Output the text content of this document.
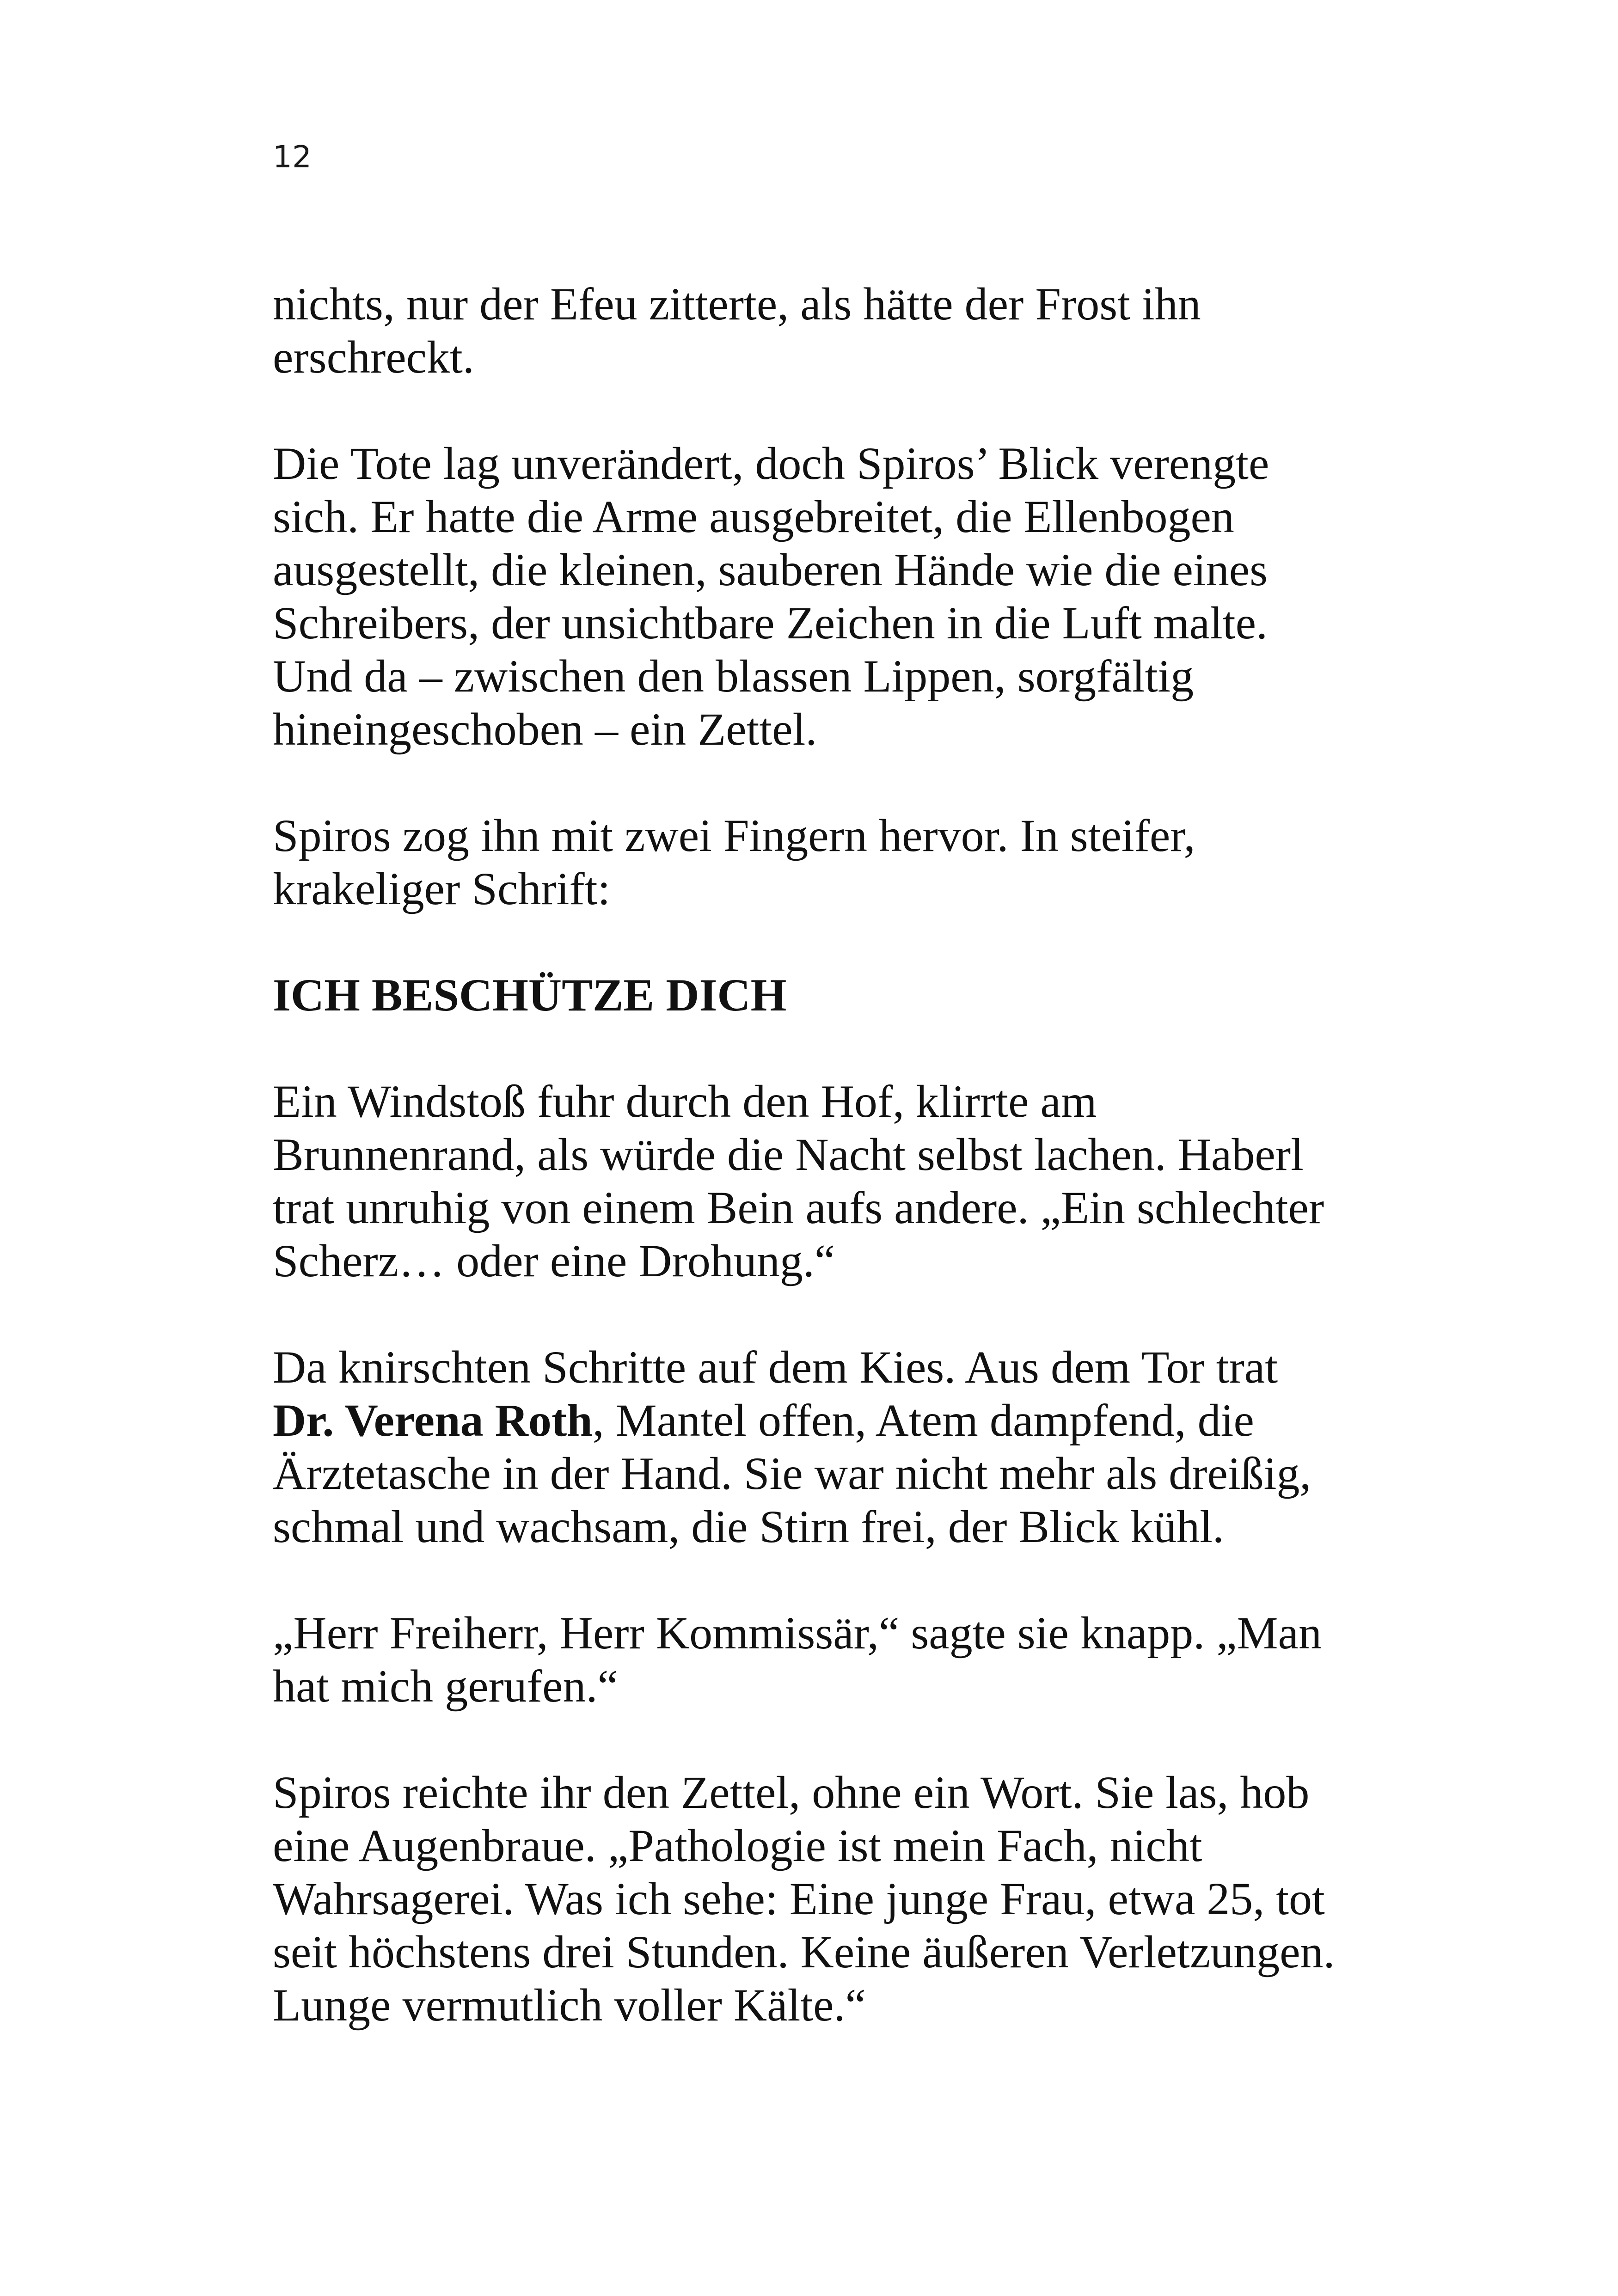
12

nichts, nur der Efeu zitterte, als hätte der Frost ihn
erschreckt.

Die Tote lag unverändert, doch Spiros’ Blick verengte
sich. Er hatte die Arme ausgebreitet, die Ellenbogen
ausgestellt, die kleinen, sauberen Hände wie die eines
Schreibers, der unsichtbare Zeichen in die Luft malte.
Und da – zwischen den blassen Lippen, sorgfältig
hineingeschoben – ein Zettel.

Spiros zog ihn mit zwei Fingern hervor. In steifer,
krakeliger Schrift:

ICH BESCHÜTZE DICH

Ein Windstoß fuhr durch den Hof, klirrte am
Brunnenrand, als würde die Nacht selbst lachen. Haberl
trat unruhig von einem Bein aufs andere. „Ein schlechter
Scherz… oder eine Drohung.“

Da knirschten Schritte auf dem Kies. Aus dem Tor trat
Dr. Verena Roth, Mantel offen, Atem dampfend, die
Ärztetasche in der Hand. Sie war nicht mehr als dreißig,
schmal und wachsam, die Stirn frei, der Blick kühl.

„Herr Freiherr, Herr Kommissär,“ sagte sie knapp. „Man
hat mich gerufen.“

Spiros reichte ihr den Zettel, ohne ein Wort. Sie las, hob
eine Augenbraue. „Pathologie ist mein Fach, nicht
Wahrsagerei. Was ich sehe: Eine junge Frau, etwa 25, tot
seit höchstens drei Stunden. Keine äußeren Verletzungen.
Lunge vermutlich voller Kälte.“
